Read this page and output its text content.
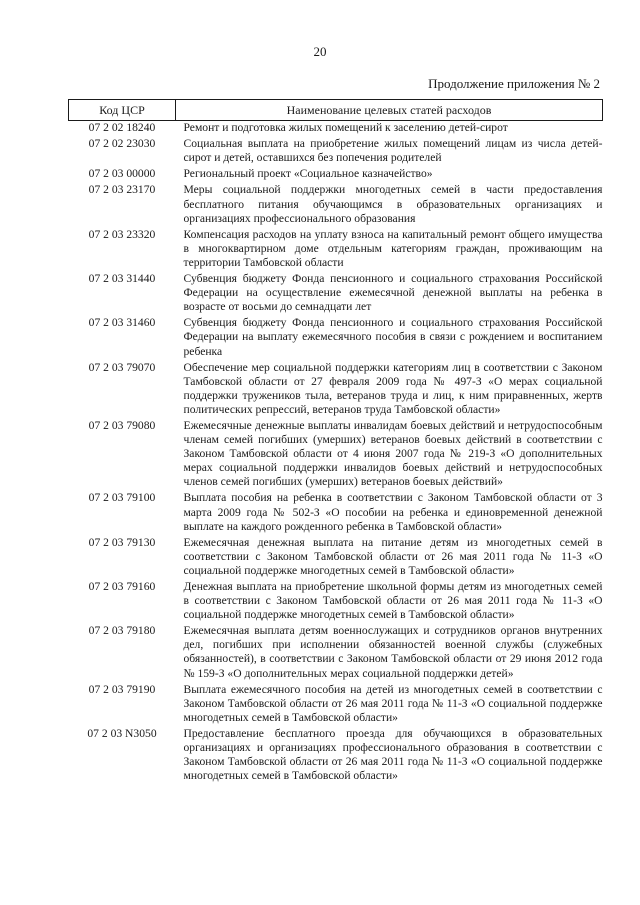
20
Продолжение приложения № 2
Код ЦСР	Наименование целевых статей расходов
07 2 02 18240	Ремонт и подготовка жилых помещений к заселению детей-сирот
07 2 02 23030	Социальная выплата на приобретение жилых помещений лицам из числа детей-сирот и детей, оставшихся без попечения родителей
07 2 03 00000	Региональный проект «Социальное казначейство»
07 2 03 23170	Меры социальной поддержки многодетных семей в части предоставления бесплатного питания обучающимся в образовательных организациях и организациях профессионального образования
07 2 03 23320	Компенсация расходов на уплату взноса на капитальный ремонт общего имущества в многоквартирном доме отдельным категориям граждан, проживающим на территории Тамбовской области
07 2 03 31440	Субвенция бюджету Фонда пенсионного и социального страхования Российской Федерации на осуществление ежемесячной денежной выплаты на ребенка в возрасте от восьми до семнадцати лет
07 2 03 31460	Субвенция бюджету Фонда пенсионного и социального страхования Российской Федерации на выплату ежемесячного пособия в связи с рождением и воспитанием ребенка
07 2 03 79070	Обеспечение мер социальной поддержки категориям лиц в соответствии с Законом Тамбовской области от 27 февраля 2009 года № 497-З «О мерах социальной поддержки тружеников тыла, ветеранов труда и лиц, к ним приравненных, жертв политических репрессий, ветеранов труда Тамбовской области»
07 2 03 79080	Ежемесячные денежные выплаты инвалидам боевых действий и нетрудоспособным членам семей погибших (умерших) ветеранов боевых действий в соответствии с Законом Тамбовской области от 4 июня 2007 года № 219-З «О дополнительных мерах социальной поддержки инвалидов боевых действий и нетрудоспособных членов семей погибших (умерших) ветеранов боевых действий»
07 2 03 79100	Выплата пособия на ребенка в соответствии с Законом Тамбовской области от 3 марта 2009 года № 502-З «О пособии на ребенка и единовременной денежной выплате на каждого рожденного ребенка в Тамбовской области»
07 2 03 79130	Ежемесячная денежная выплата на питание детям из многодетных семей в соответствии с Законом Тамбовской области от 26 мая 2011 года № 11-З «О социальной поддержке многодетных семей в Тамбовской области»
07 2 03 79160	Денежная выплата на приобретение школьной формы детям из многодетных семей в соответствии с Законом Тамбовской области от 26 мая 2011 года № 11-З «О социальной поддержке многодетных семей в Тамбовской области»
07 2 03 79180	Ежемесячная выплата детям военнослужащих и сотрудников органов внутренних дел, погибших при исполнении обязанностей военной службы (служебных обязанностей), в соответствии с Законом Тамбовской области от 29 июня 2012 года № 159-З «О дополнительных мерах социальной поддержки детей»
07 2 03 79190	Выплата ежемесячного пособия на детей из многодетных семей в соответствии с Законом Тамбовской области от 26 мая 2011 года № 11-З «О социальной поддержке многодетных семей в Тамбовской области»
07 2 03 N3050	Предоставление бесплатного проезда для обучающихся в образовательных организациях и организациях профессионального образования в соответствии с Законом Тамбовской области от 26 мая 2011 года № 11-З «О социальной поддержке многодетных семей в Тамбовской области»
